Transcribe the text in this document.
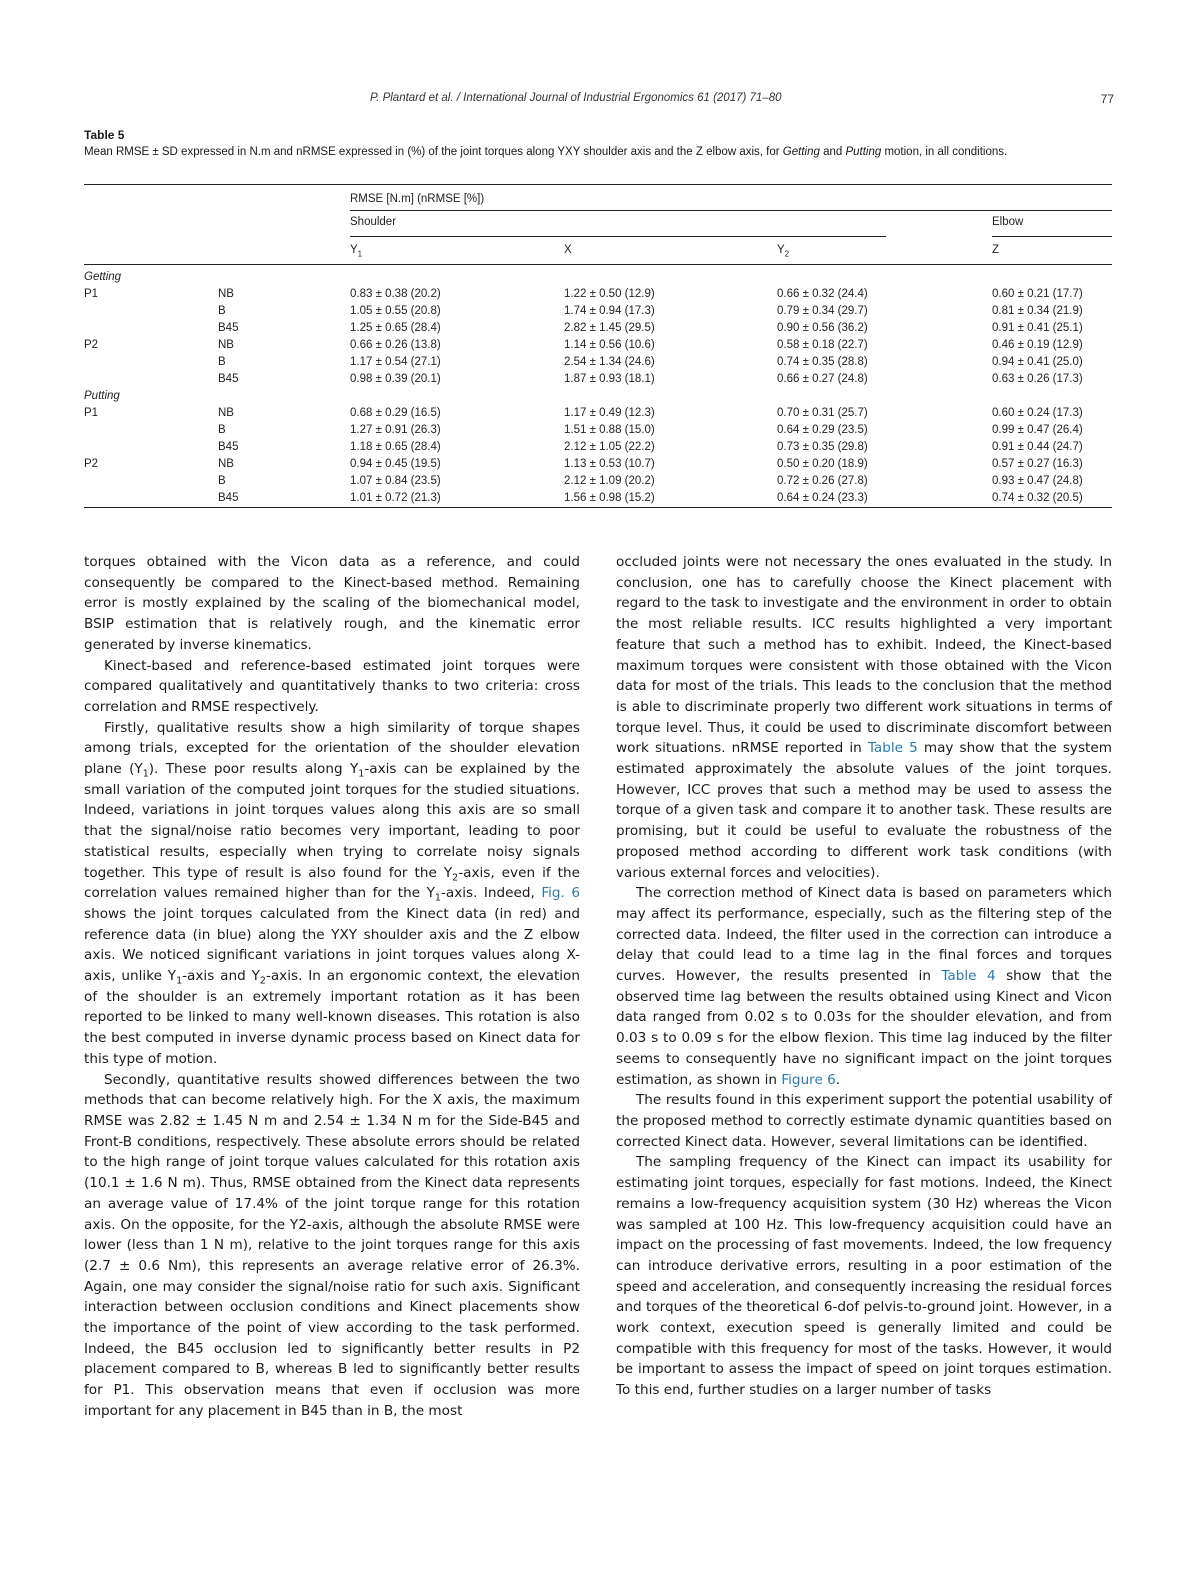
P. Plantard et al. / International Journal of Industrial Ergonomics 61 (2017) 71–80	77
Table 5
Mean RMSE ± SD expressed in N.m and nRMSE expressed in (%) of the joint torques along YXY shoulder axis and the Z elbow axis, for Getting and Putting motion, in all conditions.
RMSE [N.m] (nRMSE [%])
Shoulder	Elbow
$Y_1$	X	$Y_2$	Z
Getting
P1	NB	0.83 ± 0.38 (20.2)	1.22 ± 0.50 (12.9)	0.66 ± 0.32 (24.4)	0.60 ± 0.21 (17.7)
B	1.05 ± 0.55 (20.8)	1.74 ± 0.94 (17.3)	0.79 ± 0.34 (29.7)	0.81 ± 0.34 (21.9)
B45	1.25 ± 0.65 (28.4)	2.82 ± 1.45 (29.5)	0.90 ± 0.56 (36.2)	0.91 ± 0.41 (25.1)
P2	NB	0.66 ± 0.26 (13.8)	1.14 ± 0.56 (10.6)	0.58 ± 0.18 (22.7)	0.46 ± 0.19 (12.9)
B	1.17 ± 0.54 (27.1)	2.54 ± 1.34 (24.6)	0.74 ± 0.35 (28.8)	0.94 ± 0.41 (25.0)
B45	0.98 ± 0.39 (20.1)	1.87 ± 0.93 (18.1)	0.66 ± 0.27 (24.8)	0.63 ± 0.26 (17.3)
Putting
P1	NB	0.68 ± 0.29 (16.5)	1.17 ± 0.49 (12.3)	0.70 ± 0.31 (25.7)	0.60 ± 0.24 (17.3)
B	1.27 ± 0.91 (26.3)	1.51 ± 0.88 (15.0)	0.64 ± 0.29 (23.5)	0.99 ± 0.47 (26.4)
B45	1.18 ± 0.65 (28.4)	2.12 ± 1.05 (22.2)	0.73 ± 0.35 (29.8)	0.91 ± 0.44 (24.7)
P2	NB	0.94 ± 0.45 (19.5)	1.13 ± 0.53 (10.7)	0.50 ± 0.20 (18.9)	0.57 ± 0.27 (16.3)
B	1.07 ± 0.84 (23.5)	2.12 ± 1.09 (20.2)	0.72 ± 0.26 (27.8)	0.93 ± 0.47 (24.8)
B45	1.01 ± 0.72 (21.3)	1.56 ± 0.98 (15.2)	0.64 ± 0.24 (23.3)	0.74 ± 0.32 (20.5)

torques obtained with the Vicon data as a reference, and could consequently be compared to the Kinect-based method. Remaining error is mostly explained by the scaling of the biomechanical model, BSIP estimation that is relatively rough, and the kinematic error generated by inverse kinematics.

Kinect-based and reference-based estimated joint torques were compared qualitatively and quantitatively thanks to two criteria: cross correlation and RMSE respectively.

Firstly, qualitative results show a high similarity of torque shapes among trials, excepted for the orientation of the shoulder elevation plane $(Y_1)$. These poor results along $Y_1$-axis can be explained by the small variation of the computed joint torques for the studied situations. Indeed, variations in joint torques values along this axis are so small that the signal/noise ratio becomes very important, leading to poor statistical results, especially when trying to correlate noisy signals together. This type of result is also found for the $Y_2$-axis, even if the correlation values remained higher than for the $Y_1$-axis. Indeed, Fig. 6 shows the joint torques calculated from the Kinect data (in red) and reference data (in blue) along the YXY shoulder axis and the Z elbow axis. We noticed significant variations in joint torques values along X-axis, unlike $Y_1$-axis and $Y_2$-axis. In an ergonomic context, the elevation of the shoulder is an extremely important rotation as it has been reported to be linked to many well-known diseases. This rotation is also the best computed in inverse dynamic process based on Kinect data for this type of motion.

Secondly, quantitative results showed differences between the two methods that can become relatively high. For the X axis, the maximum RMSE was 2.82 ± 1.45 N m and 2.54 ± 1.34 N m for the Side-B45 and Front-B conditions, respectively. These absolute errors should be related to the high range of joint torque values calculated for this rotation axis (10.1 ± 1.6 N m). Thus, RMSE obtained from the Kinect data represents an average value of 17.4% of the joint torque range for this rotation axis. On the opposite, for the Y2-axis, although the absolute RMSE were lower (less than 1 N m), relative to the joint torques range for this axis (2.7 ± 0.6 Nm), this represents an average relative error of 26.3%. Again, one may consider the signal/noise ratio for such axis. Significant interaction between occlusion conditions and Kinect placements show the importance of the point of view according to the task performed. Indeed, the B45 occlusion led to significantly better results in P2 placement compared to B, whereas B led to significantly better results for P1. This observation means that even if occlusion was more important for any placement in B45 than in B, the most

occluded joints were not necessary the ones evaluated in the study. In conclusion, one has to carefully choose the Kinect placement with regard to the task to investigate and the environment in order to obtain the most reliable results. ICC results highlighted a very important feature that such a method has to exhibit. Indeed, the Kinect-based maximum torques were consistent with those obtained with the Vicon data for most of the trials. This leads to the conclusion that the method is able to discriminate properly two different work situations in terms of torque level. Thus, it could be used to discriminate discomfort between work situations. nRMSE reported in Table 5 may show that the system estimated approximately the absolute values of the joint torques. However, ICC proves that such a method may be used to assess the torque of a given task and compare it to another task. These results are promising, but it could be useful to evaluate the robustness of the proposed method according to different work task conditions (with various external forces and velocities).

The correction method of Kinect data is based on parameters which may affect its performance, especially, such as the filtering step of the corrected data. Indeed, the filter used in the correction can introduce a delay that could lead to a time lag in the final forces and torques curves. However, the results presented in Table 4 show that the observed time lag between the results obtained using Kinect and Vicon data ranged from 0.02 s to 0.03s for the shoulder elevation, and from 0.03 s to 0.09 s for the elbow flexion. This time lag induced by the filter seems to consequently have no significant impact on the joint torques estimation, as shown in Figure 6.

The results found in this experiment support the potential usability of the proposed method to correctly estimate dynamic quantities based on corrected Kinect data. However, several limitations can be identified.

The sampling frequency of the Kinect can impact its usability for estimating joint torques, especially for fast motions. Indeed, the Kinect remains a low-frequency acquisition system (30 Hz) whereas the Vicon was sampled at 100 Hz. This low-frequency acquisition could have an impact on the processing of fast movements. Indeed, the low frequency can introduce derivative errors, resulting in a poor estimation of the speed and acceleration, and consequently increasing the residual forces and torques of the theoretical 6-dof pelvis-to-ground joint. However, in a work context, execution speed is generally limited and could be compatible with this frequency for most of the tasks. However, it would be important to assess the impact of speed on joint torques estimation. To this end, further studies on a larger number of tasks
